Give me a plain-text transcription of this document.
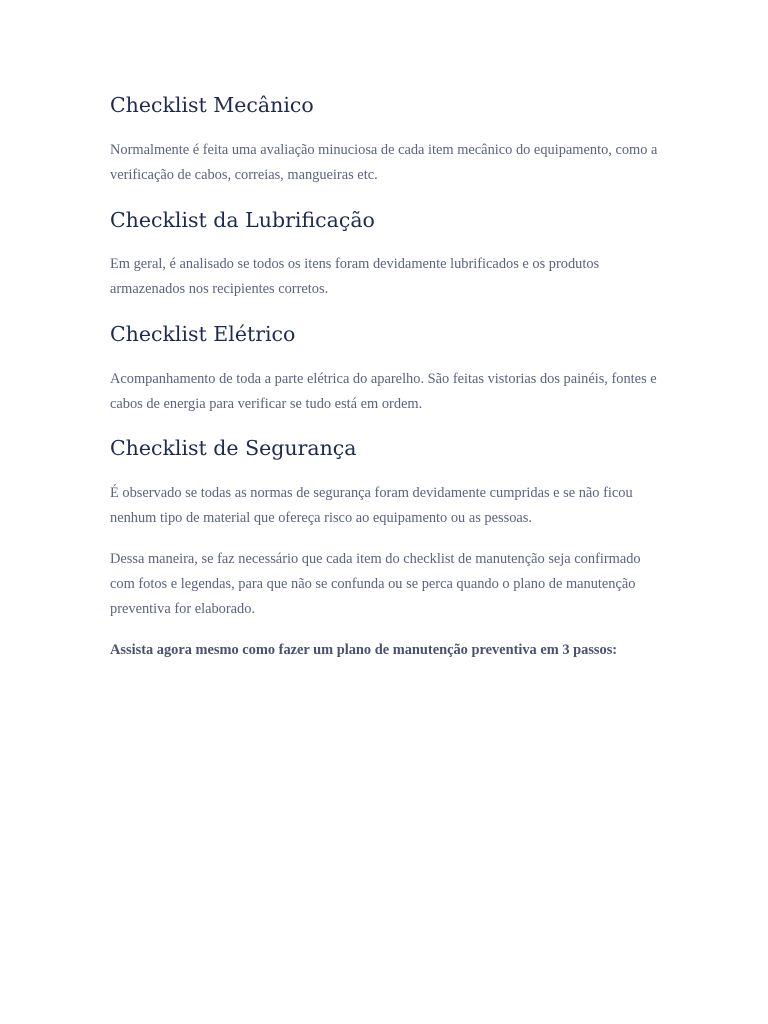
Checklist Mecânico

Normalmente é feita uma avaliação minuciosa de cada item mecânico do equipamento, como a verificação de cabos, correias, mangueiras etc.

Checklist da Lubrificação

Em geral, é analisado se todos os itens foram devidamente lubrificados e os produtos armazenados nos recipientes corretos.

Checklist Elétrico

Acompanhamento de toda a parte elétrica do aparelho. São feitas vistorias dos painéis, fontes e cabos de energia para verificar se tudo está em ordem.

Checklist de Segurança

É observado se todas as normas de segurança foram devidamente cumpridas e se não ficou nenhum tipo de material que ofereça risco ao equipamento ou as pessoas.

Dessa maneira, se faz necessário que cada item do checklist de manutenção seja confirmado com fotos e legendas, para que não se confunda ou se perca quando o plano de manutenção preventiva for elaborado.

Assista agora mesmo como fazer um plano de manutenção preventiva em 3 passos:
